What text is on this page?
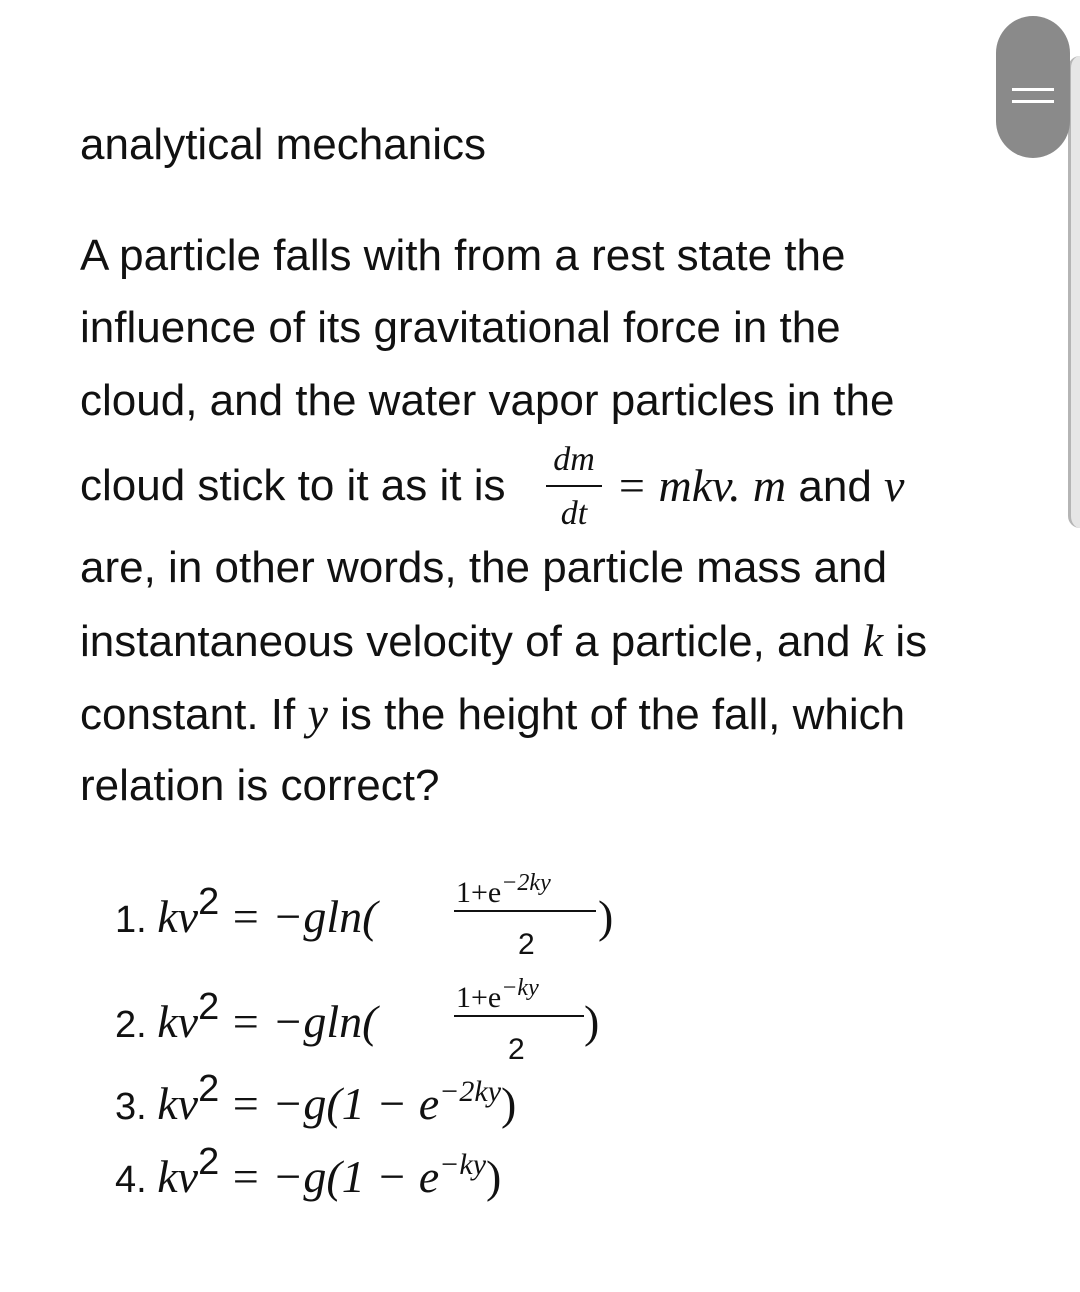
analytical mechanics
A particle falls with from a rest state the
influence of its gravitational force in the
cloud, and the water vapor particles in the
cloud stick to it as it is
dm
dt
= mkv. m and v
are, in other words, the particle mass and
instantaneous velocity of a particle, and k is
constant. If y is the height of the fall, which
relation is correct?
1. $kv^2 = -gln$(	$1+e^{-2ky}$
2
)
2. $kv^2 = -gln$(	$1+e^{-ky}$
2
)
3. $kv^2 = -g(1 - e^{-2ky})$
4. $kv^2 = -g(1 - e^{-ky})$
